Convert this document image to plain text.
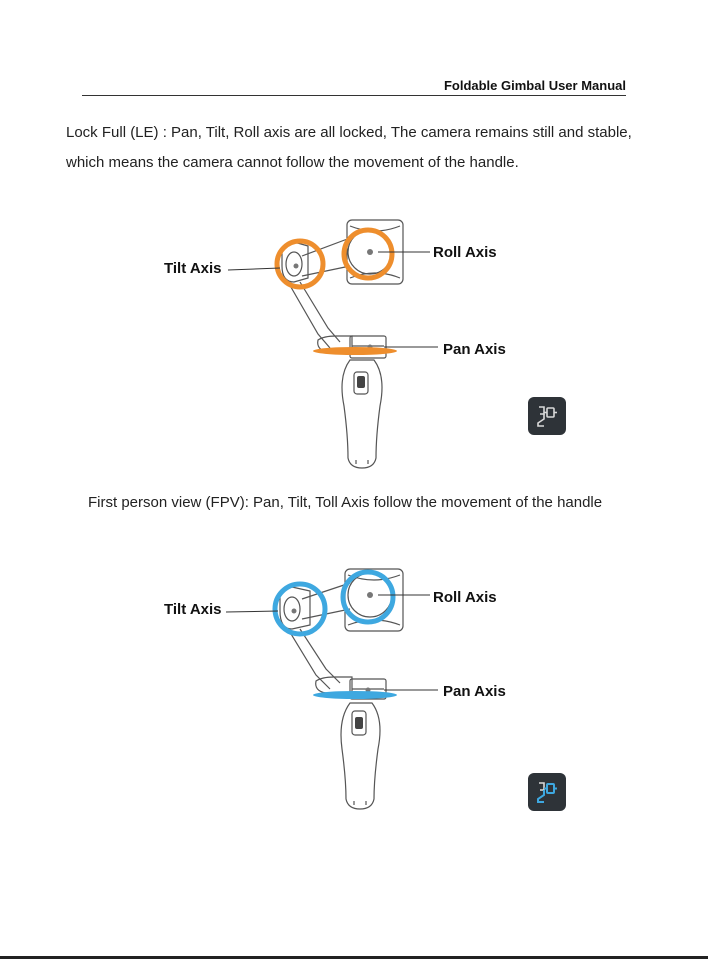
Foldable Gimbal User Manual

Lock Full (LE) : Pan, Tilt, Roll axis are all locked, The camera remains still and stable, which means the camera cannot follow the movement of the handle.

Tilt Axis
Roll Axis
Pan Axis

First person view (FPV): Pan, Tilt, Toll Axis follow the movement of the handle

Tilt Axis
Roll Axis
Pan Axis
